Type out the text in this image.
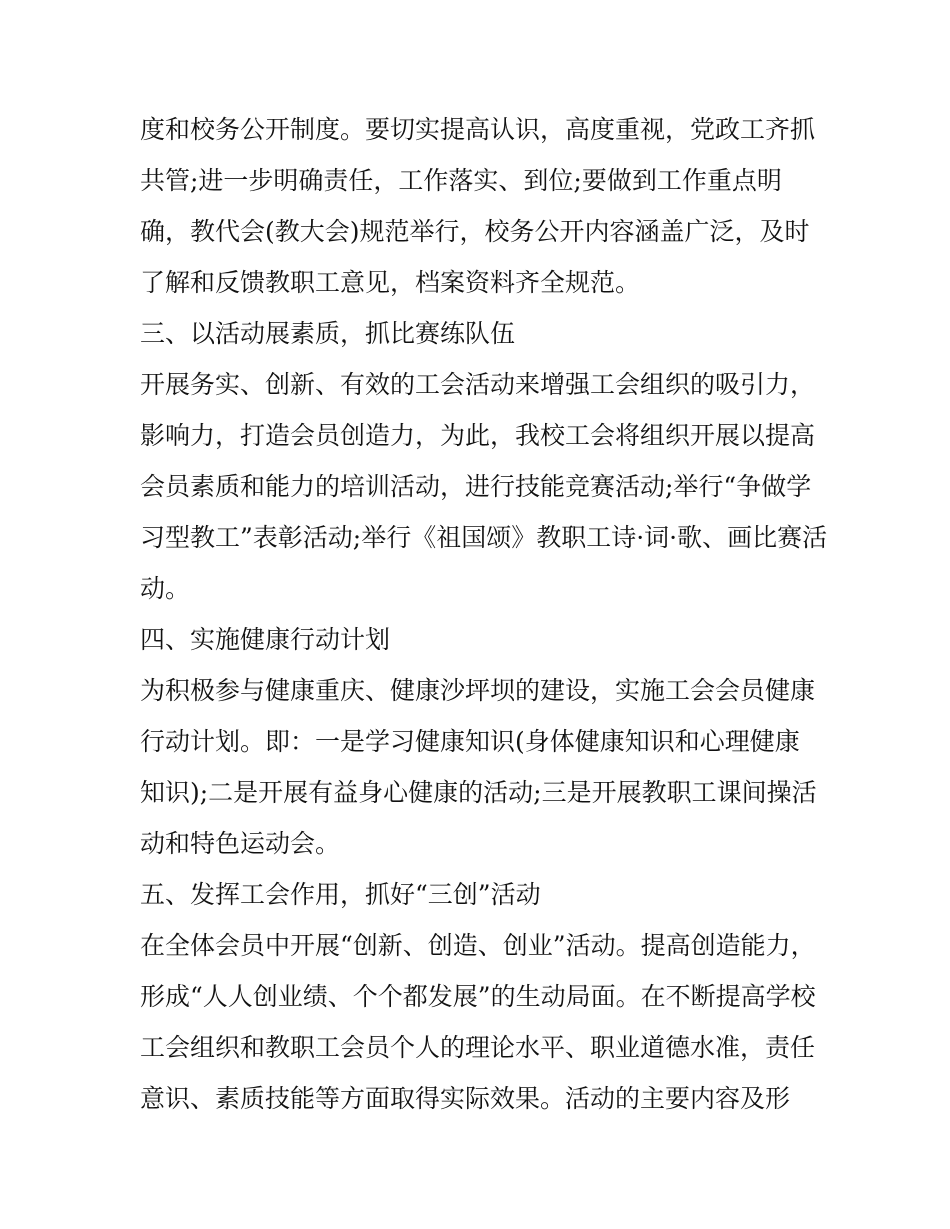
度和校务公开制度。要切实提高认识，高度重视，党政工齐抓
共管;进一步明确责任，工作落实、到位;要做到工作重点明
确，教代会(教大会)规范举行，校务公开内容涵盖广泛，及时
了解和反馈教职工意见，档案资料齐全规范。
三、以活动展素质，抓比赛练队伍
开展务实、创新、有效的工会活动来增强工会组织的吸引力，
影响力，打造会员创造力，为此，我校工会将组织开展以提高
会员素质和能力的培训活动，进行技能竞赛活动;举行“争做学
习型教工”表彰活动;举行《祖国颂》教职工诗·词·歌、画比赛活
动。
四、实施健康行动计划
为积极参与健康重庆、健康沙坪坝的建设，实施工会会员健康
行动计划。即：一是学习健康知识(身体健康知识和心理健康
知识);二是开展有益身心健康的活动;三是开展教职工课间操活
动和特色运动会。
五、发挥工会作用，抓好“三创”活动
在全体会员中开展“创新、创造、创业”活动。提高创造能力，
形成“人人创业绩、个个都发展”的生动局面。在不断提高学校
工会组织和教职工会员个人的理论水平、职业道德水准，责任
意识、素质技能等方面取得实际效果。活动的主要内容及形
